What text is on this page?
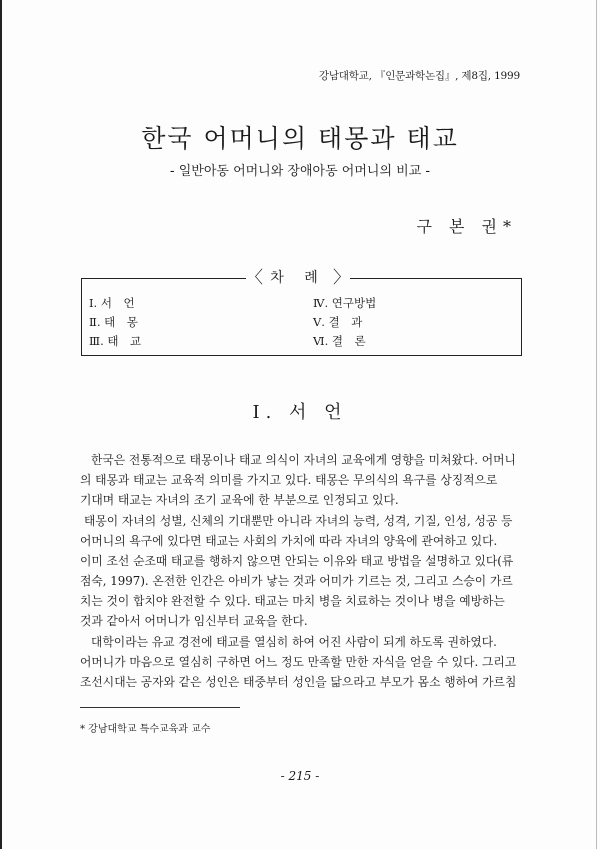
강남대학교, 『인문과학논집』, 제8집, 1999
한국 어머니의 태몽과 태교
- 일반아동 어머니와 장애아동 어머니의 비교 -
구 본 권*
〈 차 례 〉
Ⅰ. 서　언
Ⅱ. 태　몽
Ⅲ. 태　교
Ⅳ. 연구방법
Ⅴ. 결　과
Ⅵ. 결　론
Ⅰ. 서 언
한국은 전통적으로 태몽이나 태교 의식이 자녀의 교육에게 영향을 미쳐왔다. 어머니
의 태몽과 태교는 교육적 의미를 가지고 있다. 태몽은 무의식의 욕구를 상징적으로
기대며 태교는 자녀의 조기 교육에 한 부분으로 인정되고 있다.
태몽이 자녀의 성별, 신체의 기대뿐만 아니라 자녀의 능력, 성격, 기질, 인성, 성공 등
어머니의 욕구에 있다면 태교는 사회의 가치에 따라 자녀의 양육에 관여하고 있다.
이미 조선 순조때 태교를 행하지 않으면 안되는 이유와 태교 방법을 설명하고 있다(류
점숙, 1997). 온전한 인간은 아비가 낳는 것과 어미가 기르는 것, 그리고 스승이 가르
치는 것이 합치야 완전할 수 있다. 태교는 마치 병을 치료하는 것이나 병을 예방하는
것과 같아서 어머니가 임신부터 교육을 한다.
대학이라는 유교 경전에 태교를 열심히 하여 어진 사람이 되게 하도록 권하였다.
어머니가 마음으로 열심히 구하면 어느 정도 만족할 만한 자식을 얻을 수 있다. 그리고
조선시대는 공자와 같은 성인은 태중부터 성인을 닮으라고 부모가 몸소 행하여 가르침
* 강남대학교 특수교육과 교수
- 215 -
